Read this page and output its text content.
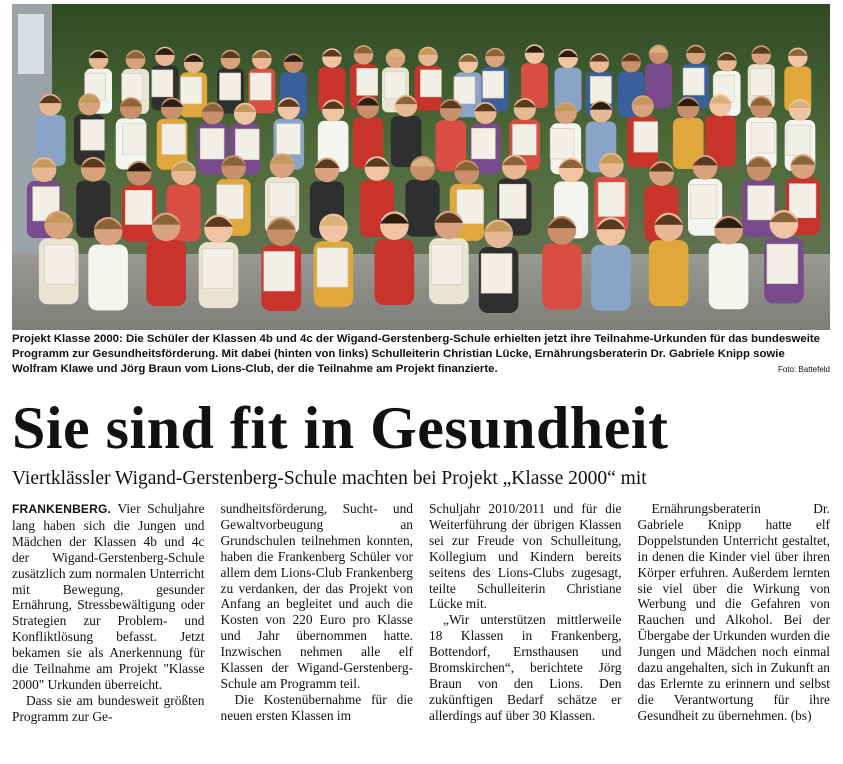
Projekt Klasse 2000: Die Schüler der Klassen 4b und 4c der Wigand-Gerstenberg-Schule erhielten jetzt ihre Teilnahme-Urkunden für das bundesweite Programm zur Gesundheitsförderung. Mit dabei (hinten von links) Schulleiterin Christian Lücke, Ernährungsberaterin Dr. Gabriele Knipp sowie Wolfram Klawe und Jörg Braun vom Lions-Club, der die Teilnahme am Projekt finanzierte.	Foto: Battefeld
Sie sind fit in Gesundheit
Viertklässler Wigand-Gerstenberg-Schule machten bei Projekt „Klasse 2000“ mit

FRANKENBERG. Vier Schuljahre lang haben sich die Jungen und Mädchen der Klassen 4b und 4c der Wigand-Gerstenberg-Schule zusätzlich zum normalen Unterricht mit Bewegung, gesunder Ernährung, Stressbewältigung oder Strategien zur Problem- und Konfliktlösung befasst. Jetzt bekamen sie als Anerkennung für die Teilnahme am Projekt "Klasse 2000" Urkunden überreicht.

Dass sie am bundesweit größten Programm zur Ge-

sundheitsförderung, Sucht- und Gewaltvorbeugung an Grundschulen teilnehmen konnten, haben die Frankenberg Schüler vor allem dem Lions-Club Frankenberg zu verdanken, der das Projekt von Anfang an begleitet und auch die Kosten von 220 Euro pro Klasse und Jahr übernommen hatte. Inzwischen nehmen alle elf Klassen der Wigand-Gerstenberg-Schule am Programm teil.

Die Kostenübernahme für die neuen ersten Klassen im

Schuljahr 2010/2011 und für die Weiterführung der übrigen Klassen sei zur Freude von Schulleitung, Kollegium und Kindern bereits seitens des Lions-Clubs zugesagt, teilte Schulleiterin Christiane Lücke mit.

„Wir unterstützen mittlerweile 18 Klassen in Frankenberg, Bottendorf, Ernsthausen und Bromskirchen“, berichtete Jörg Braun von den Lions. Den zukünftigen Bedarf schätze er allerdings auf über 30 Klassen.

Ernährungsberaterin Dr. Gabriele Knipp hatte elf Doppelstunden Unterricht gestaltet, in denen die Kinder viel über ihren Körper erfuhren. Außerdem lernten sie viel über die Wirkung von Werbung und die Gefahren von Rauchen und Alkohol. Bei der Übergabe der Urkunden wurden die Jungen und Mädchen noch einmal dazu angehalten, sich in Zukunft an das Erlernte zu erinnern und selbst die Verantwortung für ihre Gesundheit zu übernehmen. (bs)
